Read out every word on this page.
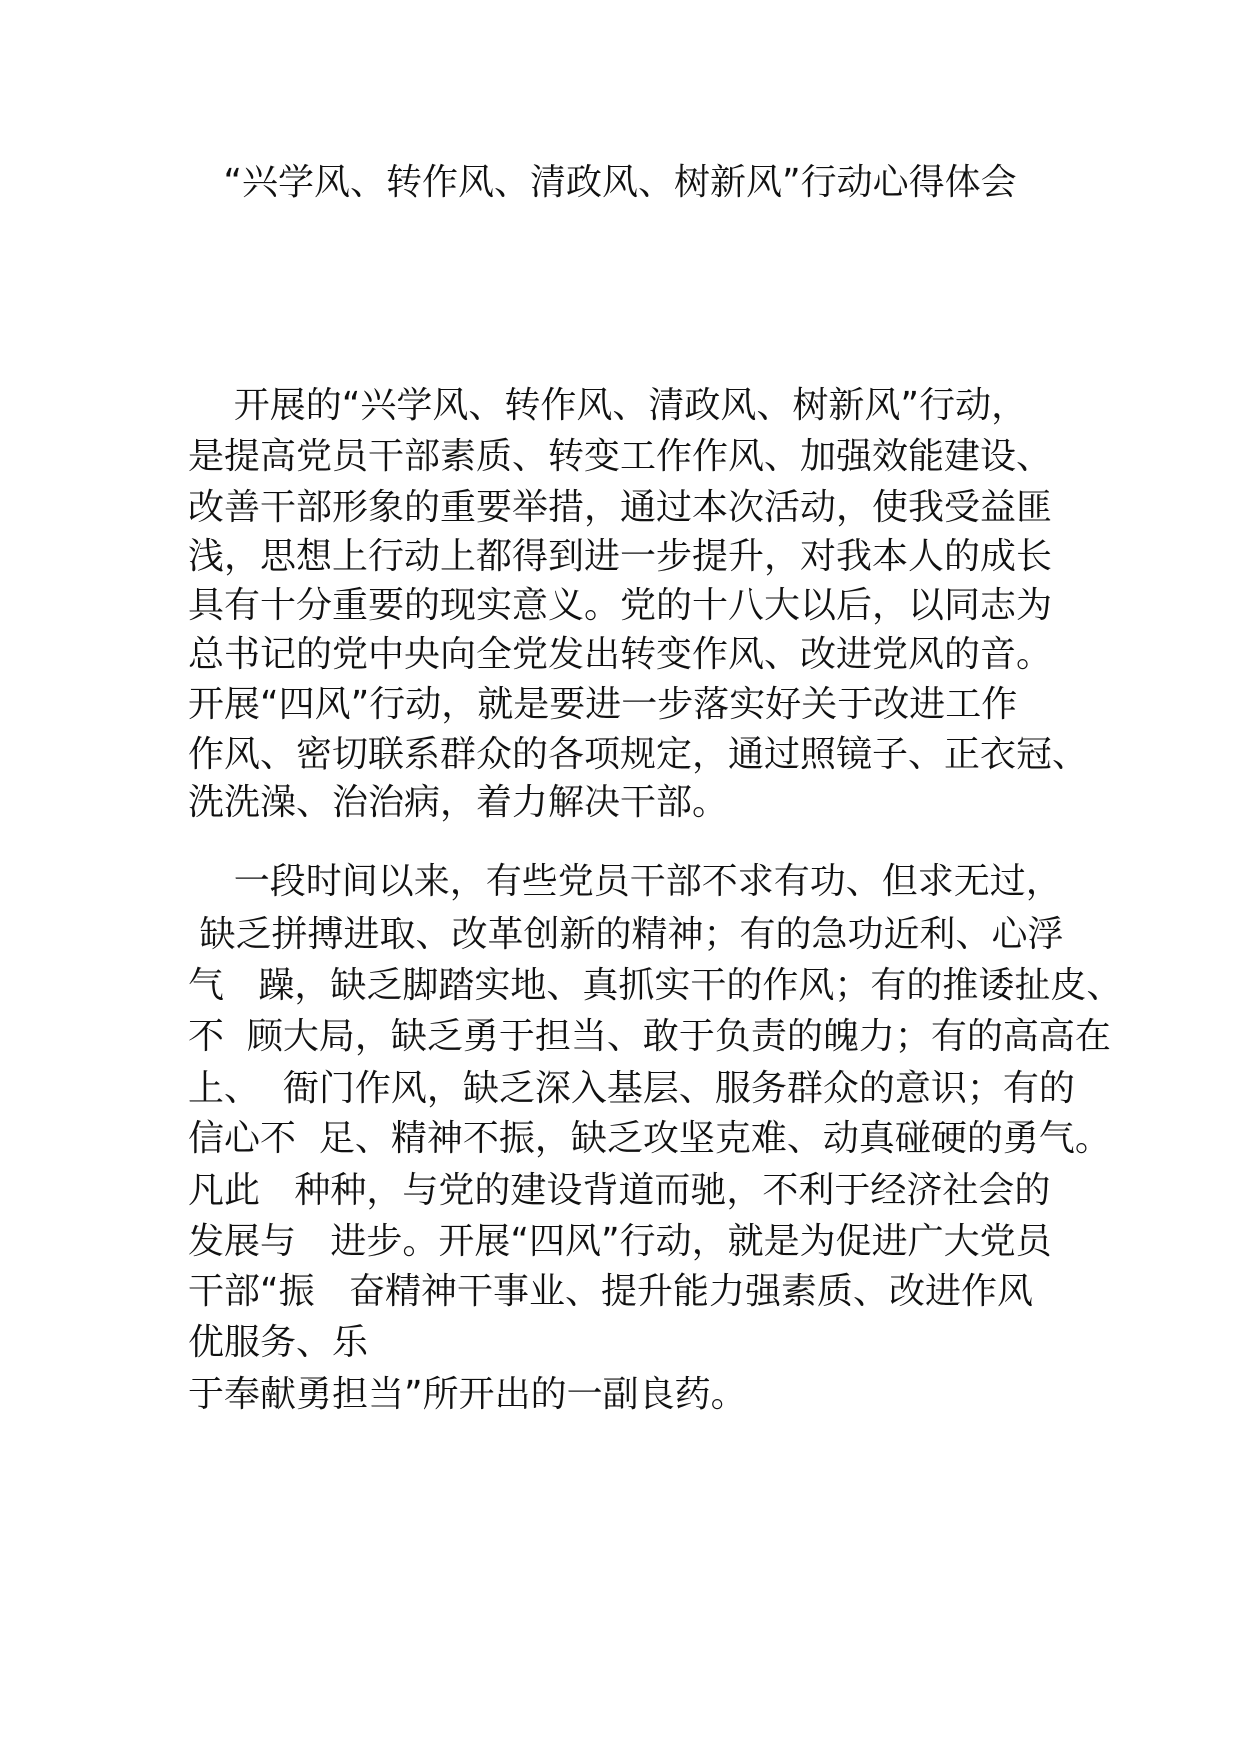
“兴学风、转作风、清政风、树新风”行动心得体会

开展的“兴学风、转作风、清政风、树新风”行动，

是提高党员干部素质、转变工作作风、加强效能建设、

改善干部形象的重要举措，通过本次活动，使我受益匪

浅，思想上行动上都得到进一步提升，对我本人的成长

具有十分重要的现实意义。党的十八大以后，以同志为

总书记的党中央向全党发出转变作风、改进党风的音。

开展“四风”行动，就是要进一步落实好关于改进工作

作风、密切联系群众的各项规定，通过照镜子、正衣冠、

洗洗澡、治治病，着力解决干部。

一段时间以来，有些党员干部不求有功、但求无过，

缺乏拼搏进取、改革创新的精神；有的急功近利、心浮

气   躁，缺乏脚踏实地、真抓实干的作风；有的推诿扯皮、

不  顾大局，缺乏勇于担当、敢于负责的魄力；有的高高在

上、  衙门作风，缺乏深入基层、服务群众的意识；有的

信心不  足、精神不振，缺乏攻坚克难、动真碰硬的勇气。

凡此   种种，与党的建设背道而驰，不利于经济社会的

发展与   进步。开展“四风”行动，就是为促进广大党员

干部“振   奋精神干事业、提升能力强素质、改进作风

优服务、乐

于奉献勇担当”所开出的一副良药。
